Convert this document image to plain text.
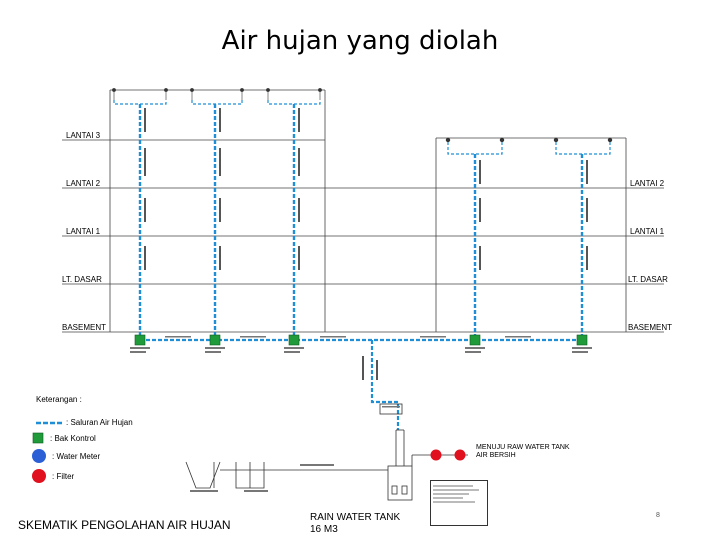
Air hujan yang diolah
LANTAI 3
LANTAI 2
LANTAI 1
LT. DASAR
BASEMENT
LANTAI 2
LANTAI 1
LT. DASAR
BASEMENT
Keterangan :
: Saluran Air Hujan
: Bak Kontrol
: Water Meter
: Filter
MENUJU RAW WATER TANK
AIR BERSIH
SKEMATIK PENGOLAHAN AIR HUJAN
RAIN WATER TANK
16 M3
8
